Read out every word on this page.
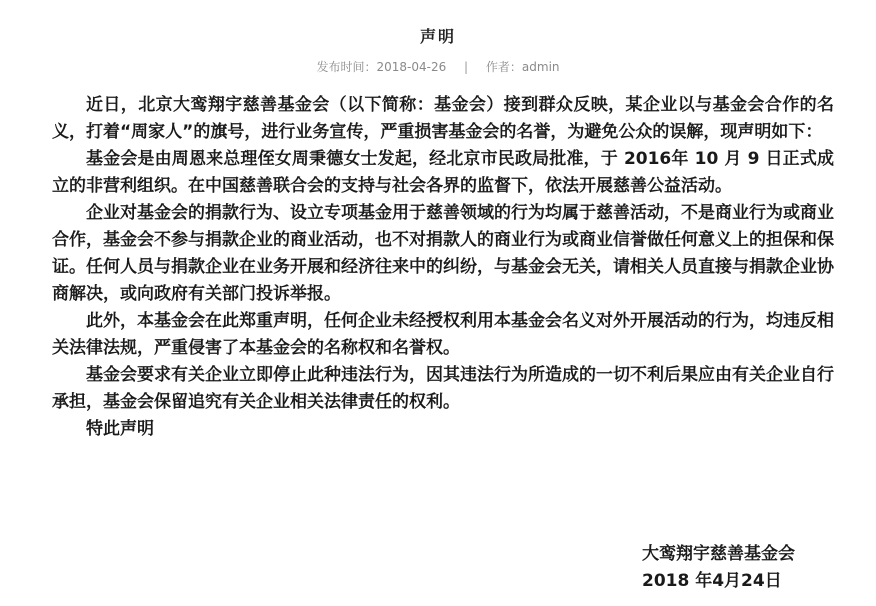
声明
发布时间：2018-04-26 | 作者：admin

近日，北京大鸾翔宇慈善基金会（以下简称：基金会）接到群众反映，某企业以与基金会合作的名义，打着“周家人”的旗号，进行业务宣传，严重损害基金会的名誉，为避免公众的误解，现声明如下：

基金会是由周恩来总理侄女周秉德女士发起，经北京市民政局批准，于 2016年 10 月 9 日正式成立的非营利组织。在中国慈善联合会的支持与社会各界的监督下，依法开展慈善公益活动。

企业对基金会的捐款行为、设立专项基金用于慈善领域的行为均属于慈善活动，不是商业行为或商业合作，基金会不参与捐款企业的商业活动，也不对捐款人的商业行为或商业信誉做任何意义上的担保和保证。任何人员与捐款企业在业务开展和经济往来中的纠纷，与基金会无关，请相关人员直接与捐款企业协商解决，或向政府有关部门投诉举报。

此外，本基金会在此郑重声明，任何企业未经授权利用本基金会名义对外开展活动的行为，均违反相关法律法规，严重侵害了本基金会的名称权和名誉权。

基金会要求有关企业立即停止此种违法行为，因其违法行为所造成的一切不利后果应由有关企业自行承担，基金会保留追究有关企业相关法律责任的权利。

特此声明

大鸾翔宇慈善基金会
2018 年4月24日
